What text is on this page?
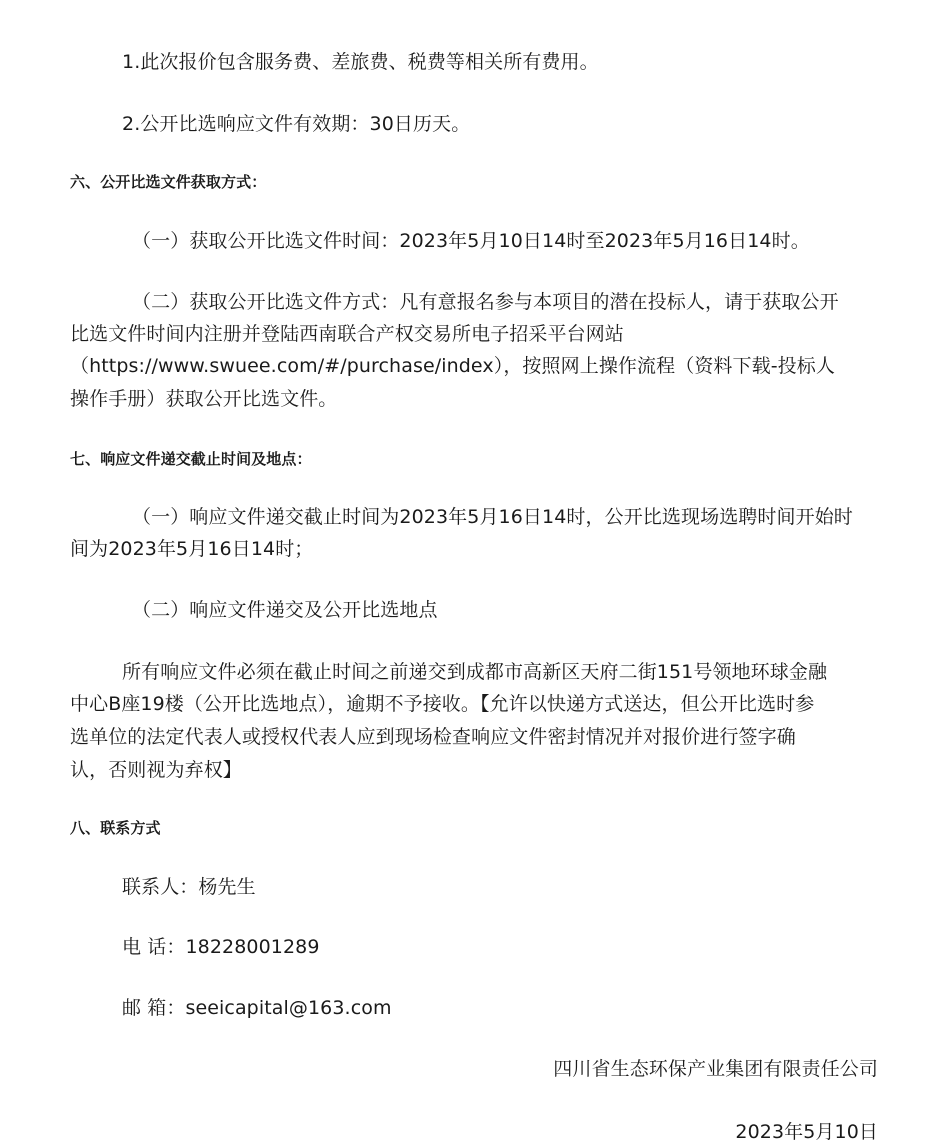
1.此次报价包含服务费、差旅费、税费等相关所有费用。
2.公开比选响应文件有效期：30日历天。
六、公开比选文件获取方式：
（一）获取公开比选文件时间：2023年5月10日14时至2023年5月16日14时。
（二）获取公开比选文件方式：凡有意报名参与本项目的潜在投标人，请于获取公开
比选文件时间内注册并登陆西南联合产权交易所电子招采平台网站
（https://www.swuee.com/#/purchase/index），按照网上操作流程（资料下载-投标人
操作手册）获取公开比选文件。
七、响应文件递交截止时间及地点：
（一）响应文件递交截止时间为2023年5月16日14时，公开比选现场选聘时间开始时
间为2023年5月16日14时；
（二）响应文件递交及公开比选地点
所有响应文件必须在截止时间之前递交到成都市高新区天府二街151号领地环球金融
中心B座19楼（公开比选地点），逾期不予接收。【允许以快递方式送达，但公开比选时参
选单位的法定代表人或授权代表人应到现场检查响应文件密封情况并对报价进行签字确
认，否则视为弃权】
八、联系方式
联系人：杨先生
电 话：18228001289
邮 箱：seeicapital@163.com
四川省生态环保产业集团有限责任公司
2023年5月10日
